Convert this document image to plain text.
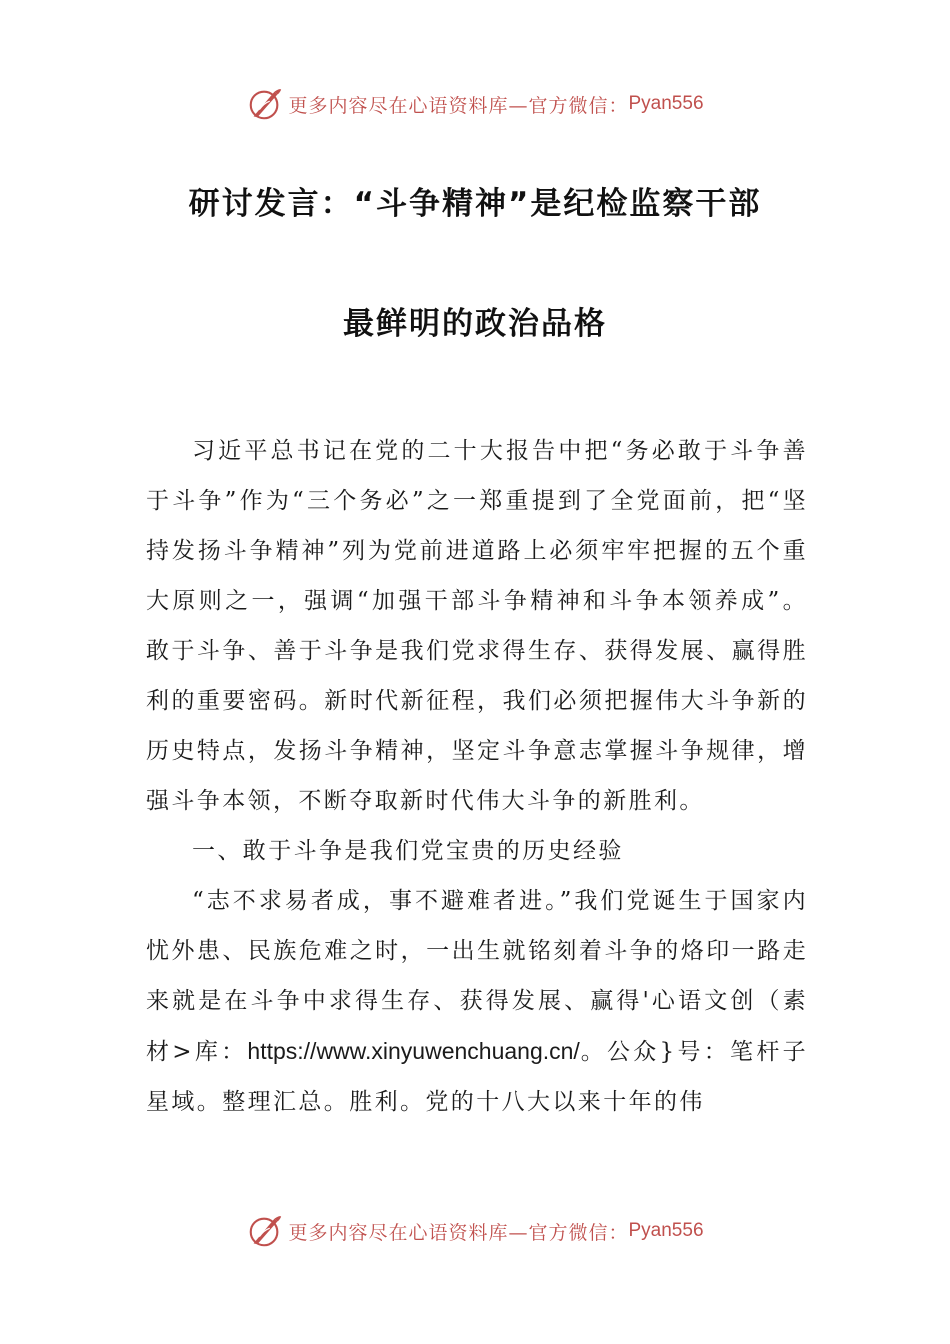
更多内容尽在心语资料库—官方微信： Pyan556
研讨发言：“斗争精神”是纪检监察干部
最鲜明的政治品格

习近平总书记在党的二十大报告中把“务必敢于斗争善于斗争”作为“三个务必”之一郑重提到了全党面前，把“坚持发扬斗争精神”列为党前进道路上必须牢牢把握的五个重大原则之一，强调“加强干部斗争精神和斗争本领养成”。敢于斗争、善于斗争是我们党求得生存、获得发展、赢得胜利的重要密码。新时代新征程，我们必须把握伟大斗争新的历史特点，发扬斗争精神，坚定斗争意志掌握斗争规律，增强斗争本领，不断夺取新时代伟大斗争的新胜利。

一、敢于斗争是我们党宝贵的历史经验

“志不求易者成，事不避难者进。”我们党诞生于国家内忧外患、民族危难之时，一出生就铭刻着斗争的烙印一路走来就是在斗争中求得生存、获得发展、赢得'心语文创（素材>库：https://www.xinyuwenchuang.cn/。公众}号：笔杆子星域。整理汇总。胜利。党的十八大以来十年的伟

更多内容尽在心语资料库—官方微信： Pyan556
